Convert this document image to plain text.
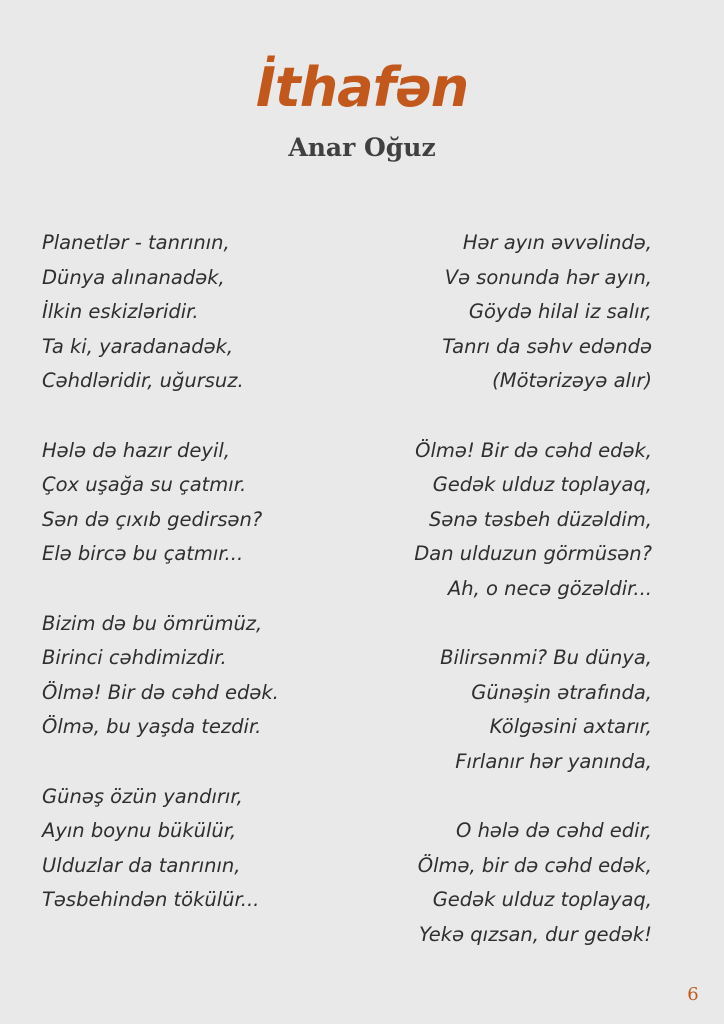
İthafən
Anar Oğuz
Planetlər - tanrının,
Dünya alınanadək,
İlkin eskizləridir.
Ta ki, yaradanadək,
Cəhdləridir, uğursuz.
Hələ də hazır deyil,
Çox uşağa su çatmır.
Sən də çıxıb gedirsən?
Elə bircə bu çatmır...
Bizim də bu ömrümüz,
Birinci cəhdimizdir.
Ölmə! Bir də cəhd edək.
Ölmə, bu yaşda tezdir.
Günəş özün yandırır,
Ayın boynu bükülür,
Ulduzlar da tanrının,
Təsbehindən tökülür...
Hər ayın əvvəlində,
Və sonunda hər ayın,
Göydə hilal iz salır,
Tanrı da səhv edəndə
(Mötərizəyə alır)
Ölmə! Bir də cəhd edək,
Gedək ulduz toplayaq,
Sənə təsbeh düzəldim,
Dan ulduzun görmüsən?
Ah, o necə gözəldir...
Bilirsənmi? Bu dünya,
Günəşin ətrafında,
Kölgəsini axtarır,
Fırlanır hər yanında,
O hələ də cəhd edir,
Ölmə, bir də cəhd edək,
Gedək ulduz toplayaq,
Yekə qızsan, dur gedək!
6
